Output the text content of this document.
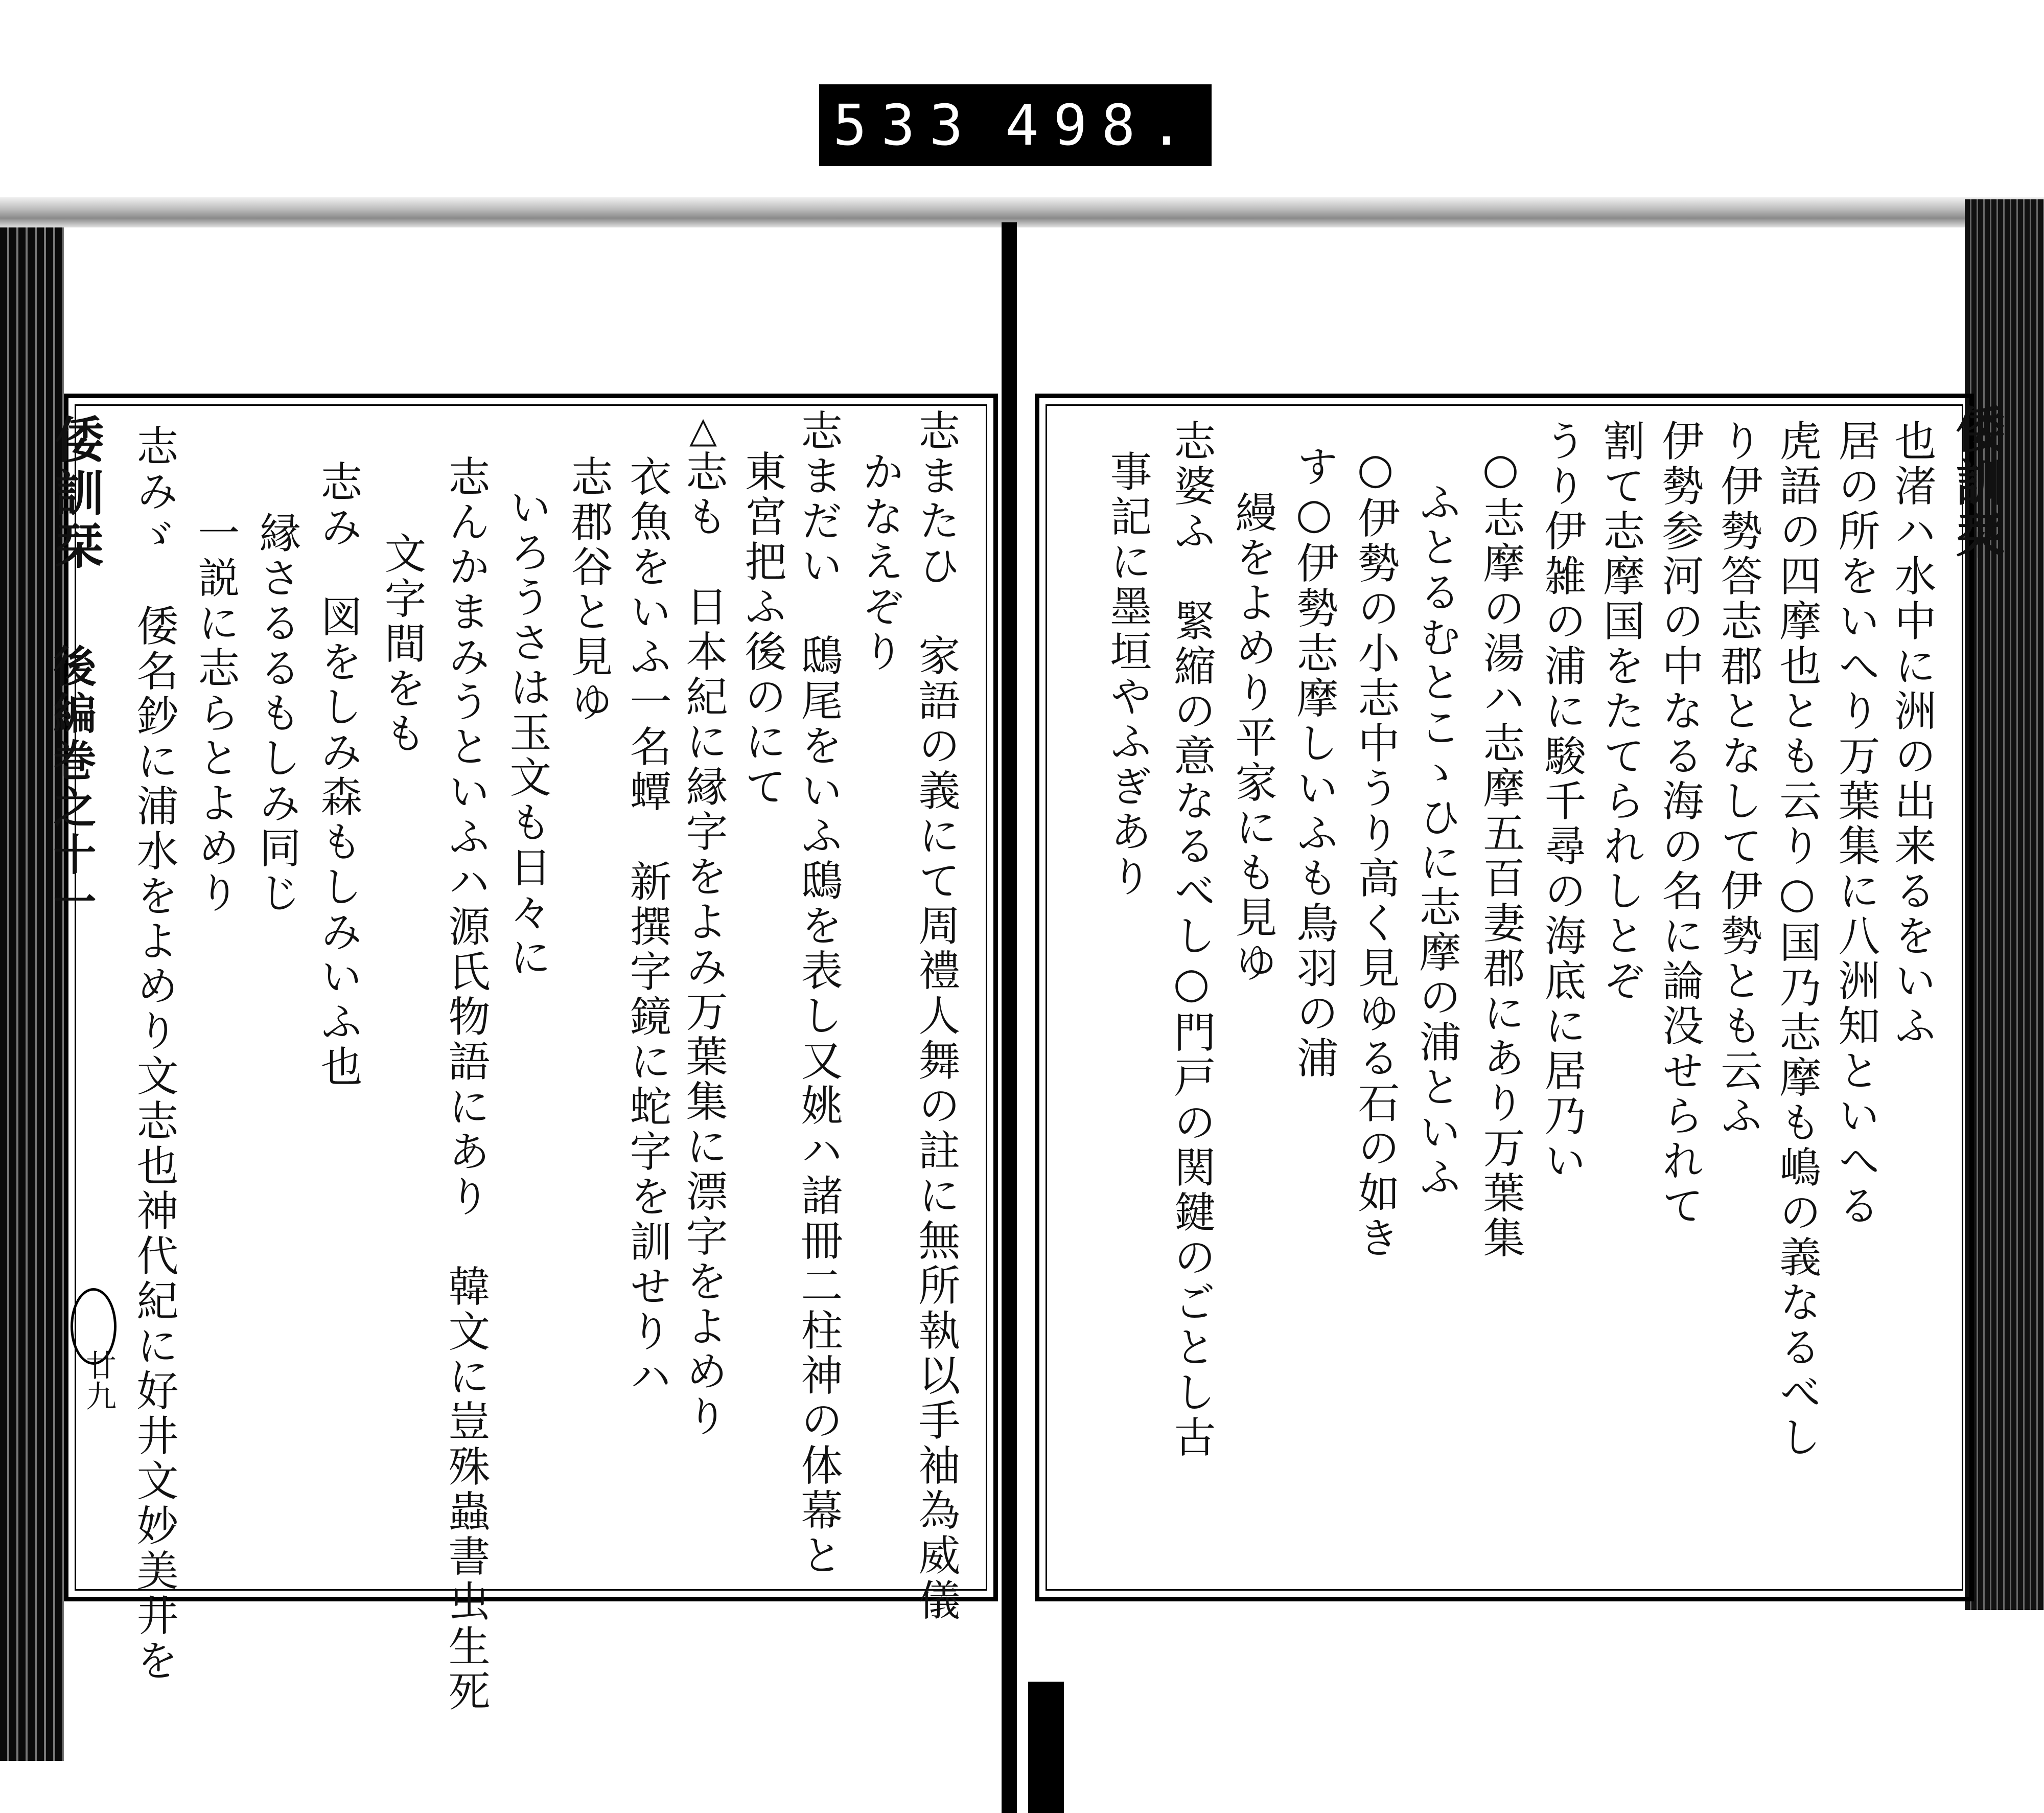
533 498.
倭訓栞
後編巻之十一
廿九	志またひ　家語の義にて周禮人舞の註に無所執以手袖為威儀
かなえぞり
志まだい　鴟尾をいふ鴟を表し又姚ハ諸冊二柱神の体幕と
東宮把ふ後のにて
△
志も　日本紀に縁字をよみ万葉集に漂字をよめり
衣魚をいふ一名蟫　新撰字鏡に蛇字を訓せりハ
志郡谷と見ゆ
いろうさは玉文も日々に
志んかまみうといふハ源氏物語にあり　韓文に豈殊蟲書虫生死
文字間をも
志み　図をしみ森もしみいふ也
縁さるるもしみ同じ
一説に志らとよめり
志みゞ　倭名鈔に浦水をよめり文志也神代紀に好井文妙美井を	倭訓栞
也渚ハ水中に洲の出来るをいふ
居の所をいへり万葉集に八洲知といへる
虎語の四摩也とも云り○国乃志摩も嶋の義なるべし
り伊勢答志郡となして伊勢とも云ふ
伊勢参河の中なる海の名に論没せられて
割て志摩国をたてられしとぞ
うり伊雑の浦に駿千尋の海底に居乃い
○志摩の湯ハ志摩五百妻郡にあり万葉集
ふとるむとこゝひに志摩の浦といふ
○伊勢の小志中うり高く見ゆる石の如き
す○伊勢志摩しいふも鳥羽の浦
縵をよめり平家にも見ゆ
志婆ふ　緊縮の意なるべし○門戸の関鍵のごとし古
事記に墨垣やふぎあり
